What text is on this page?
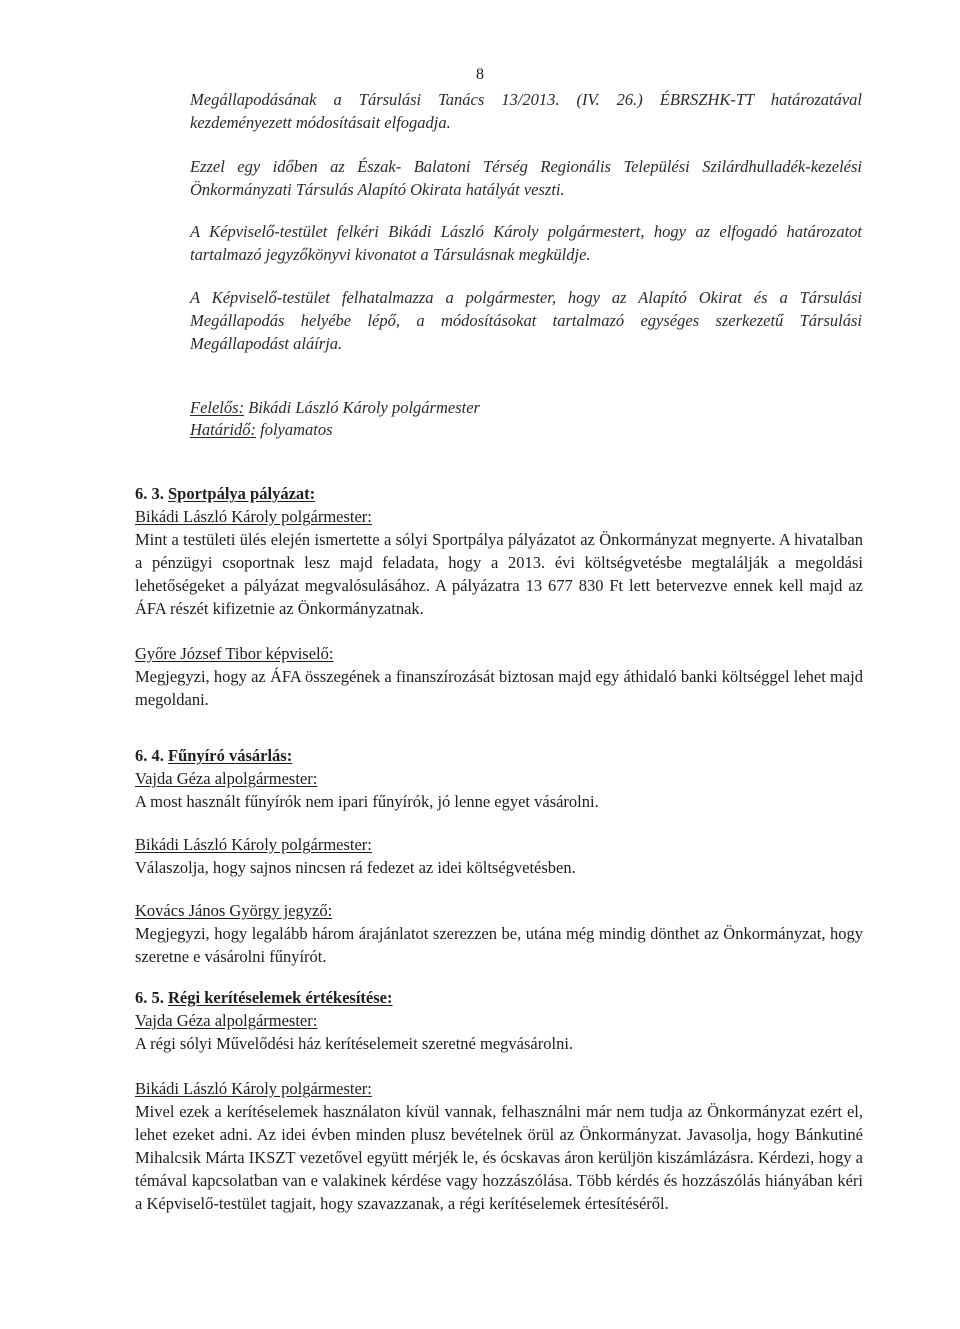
8
Megállapodásának a Társulási Tanács 13/2013. (IV. 26.) ÉBRSZHK-TT határozatával kezdeményezett módosításait elfogadja.
Ezzel egy időben az Észak- Balatoni Térség Regionális Települési Szilárdhulladék-kezelési Önkormányzati Társulás Alapító Okirata hatályát veszti.
A Képviselő-testület felkéri Bikádi László Károly polgármestert, hogy az elfogadó határozatot tartalmazó jegyzőkönyvi kivonatot a Társulásnak megküldje.
A Képviselő-testület felhatalmazza a polgármester, hogy az Alapító Okirat és a Társulási Megállapodás helyébe lépő, a módosításokat tartalmazó egységes szerkezetű Társulási Megállapodást aláírja.
Felelős: Bikádi László Károly polgármester
Határidő: folyamatos
6. 3. Sportpálya pályázat:
Bikádi László Károly polgármester:
Mint a testületi ülés elején ismertette a sólyi Sportpálya pályázatot az Önkormányzat megnyerte. A hivatalban a pénzügyi csoportnak lesz majd feladata, hogy a 2013. évi költségvetésbe megtalálják a megoldási lehetőségeket a pályázat megvalósulásához. A pályázatra 13 677 830 Ft lett betervezve ennek kell majd az ÁFA részét kifizetnie az Önkormányzatnak.
Győre József Tibor képviselő:
Megjegyzi, hogy az ÁFA összegének a finanszírozását biztosan majd egy áthidaló banki költséggel lehet majd megoldani.
6. 4. Fűnyíró vásárlás:
Vajda Géza alpolgármester:
A most használt fűnyírók nem ipari fűnyírók, jó lenne egyet vásárolni.
Bikádi László Károly polgármester:
Válaszolja, hogy sajnos nincsen rá fedezet az idei költségvetésben.
Kovács János György jegyző:
Megjegyzi, hogy legalább három árajánlatot szerezzen be, utána még mindig dönthet az Önkormányzat, hogy szeretne e vásárolni fűnyírót.
6. 5. Régi kerítéselemek értékesítése:
Vajda Géza alpolgármester:
A régi sólyi Művelődési ház kerítéselemeit szeretné megvásárolni.
Bikádi László Károly polgármester:
Mivel ezek a kerítéselemek használaton kívül vannak, felhasználni már nem tudja az Önkormányzat ezért el, lehet ezeket adni. Az idei évben minden plusz bevételnek örül az Önkormányzat. Javasolja, hogy Bánkutiné Mihalcsik Márta IKSZT vezetővel együtt mérjék le, és ócskavas áron kerüljön kiszámlázásra. Kérdezi, hogy a témával kapcsolatban van e valakinek kérdése vagy hozzászólása. Több kérdés és hozzászólás hiányában kéri a Képviselő-testület tagjait, hogy szavazzanak, a régi kerítéselemek értesítéséről.
